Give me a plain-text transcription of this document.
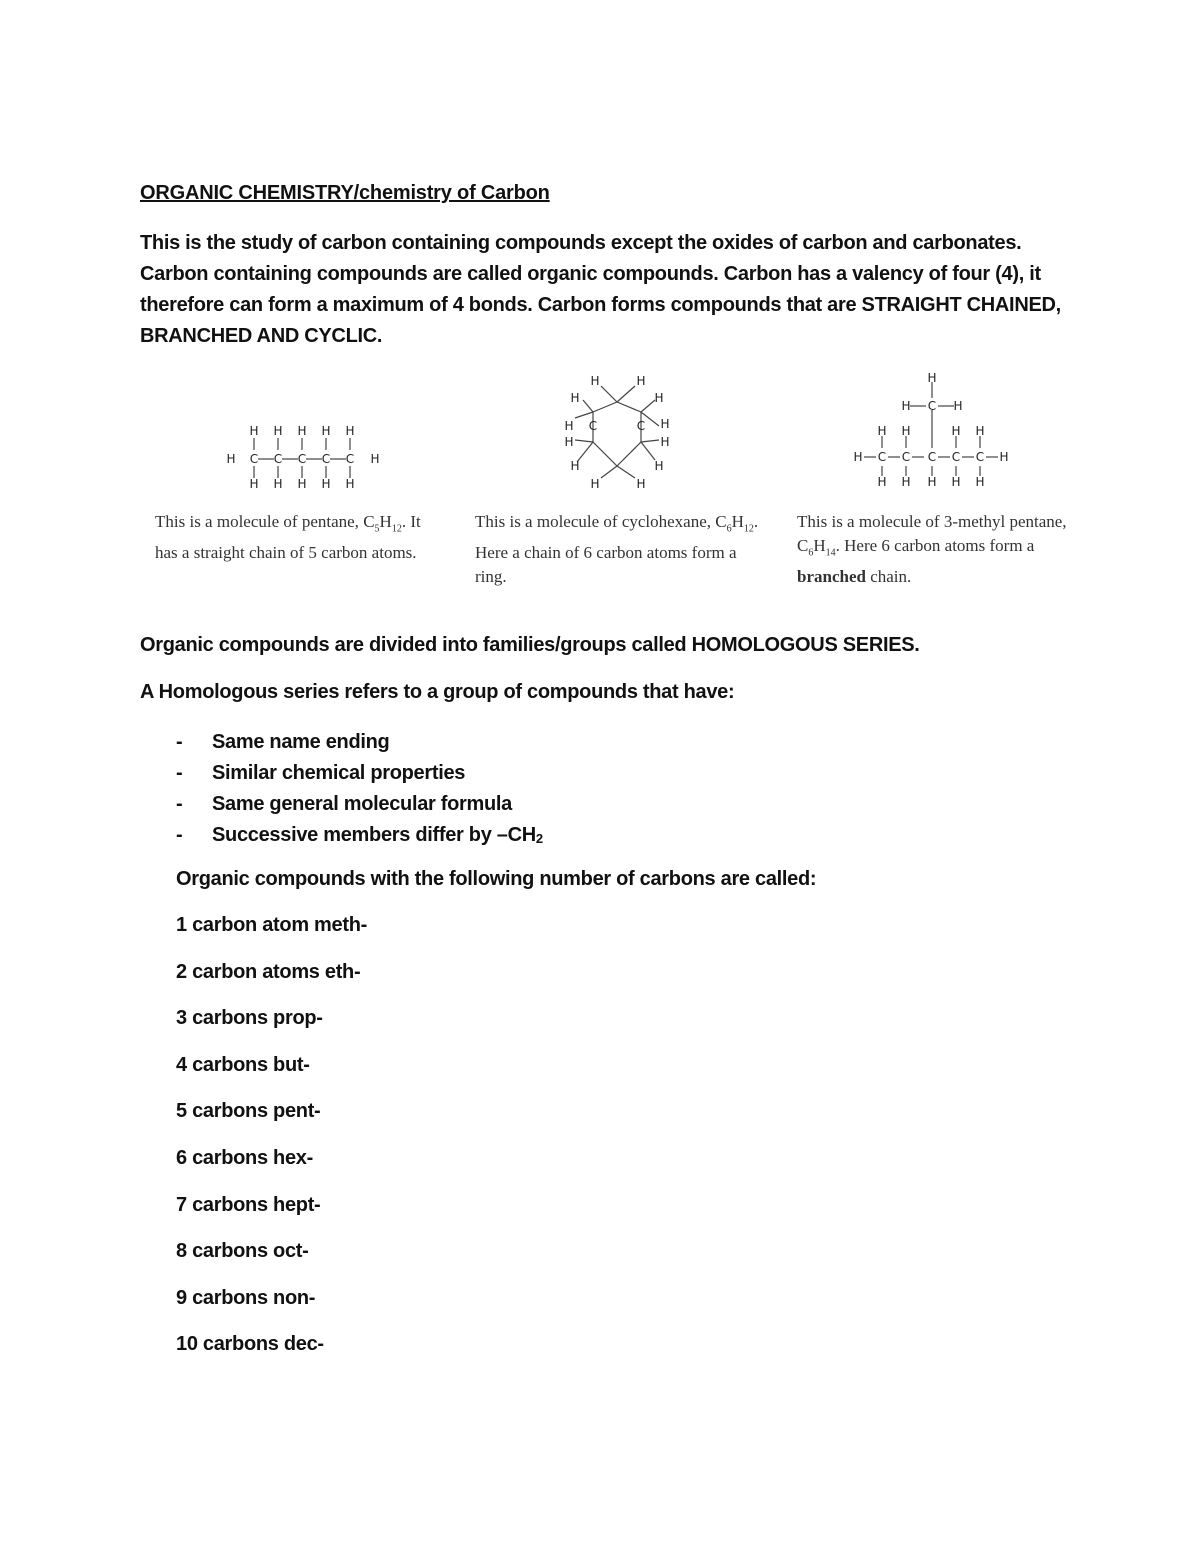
ORGANIC CHEMISTRY/chemistry of Carbon
This is the study of carbon containing compounds except the oxides of carbon and carbonates. Carbon containing compounds are called organic compounds. Carbon has a valency of four (4), it therefore can form a maximum of 4 bonds. Carbon forms compounds that are STRAIGHT CHAINED, BRANCHED AND CYCLIC.
H H H H H
H C C C C C H
H H H H H
H	H
H	H
H	H
H	H
C	C
H	H
H	H
H
H C H
H H	H H
H C C C C C H
H H H H H
This is a molecule of pentane, $C_5H_{12}$. It has a straight chain of 5 carbon atoms.
This is a molecule of cyclohexane, $C_6H_{12}$. Here a chain of 6 carbon atoms form a ring.
This is a molecule of 3-methyl pentane, $C_6H_{14}$. Here 6 carbon atoms form a branched chain.
Organic compounds are divided into families/groups called HOMOLOGOUS SERIES.
A Homologous series refers to a group of compounds that have:
- Same name ending
- Similar chemical properties
- Same general molecular formula
- Successive members differ by $-CH_2$
Organic compounds with the following number of carbons are called:
1 carbon atom meth-
2 carbon atoms eth-
3 carbons prop-
4 carbons but-
5 carbons pent-
6 carbons hex-
7 carbons hept-
8 carbons oct-
9 carbons non-
10 carbons dec-
